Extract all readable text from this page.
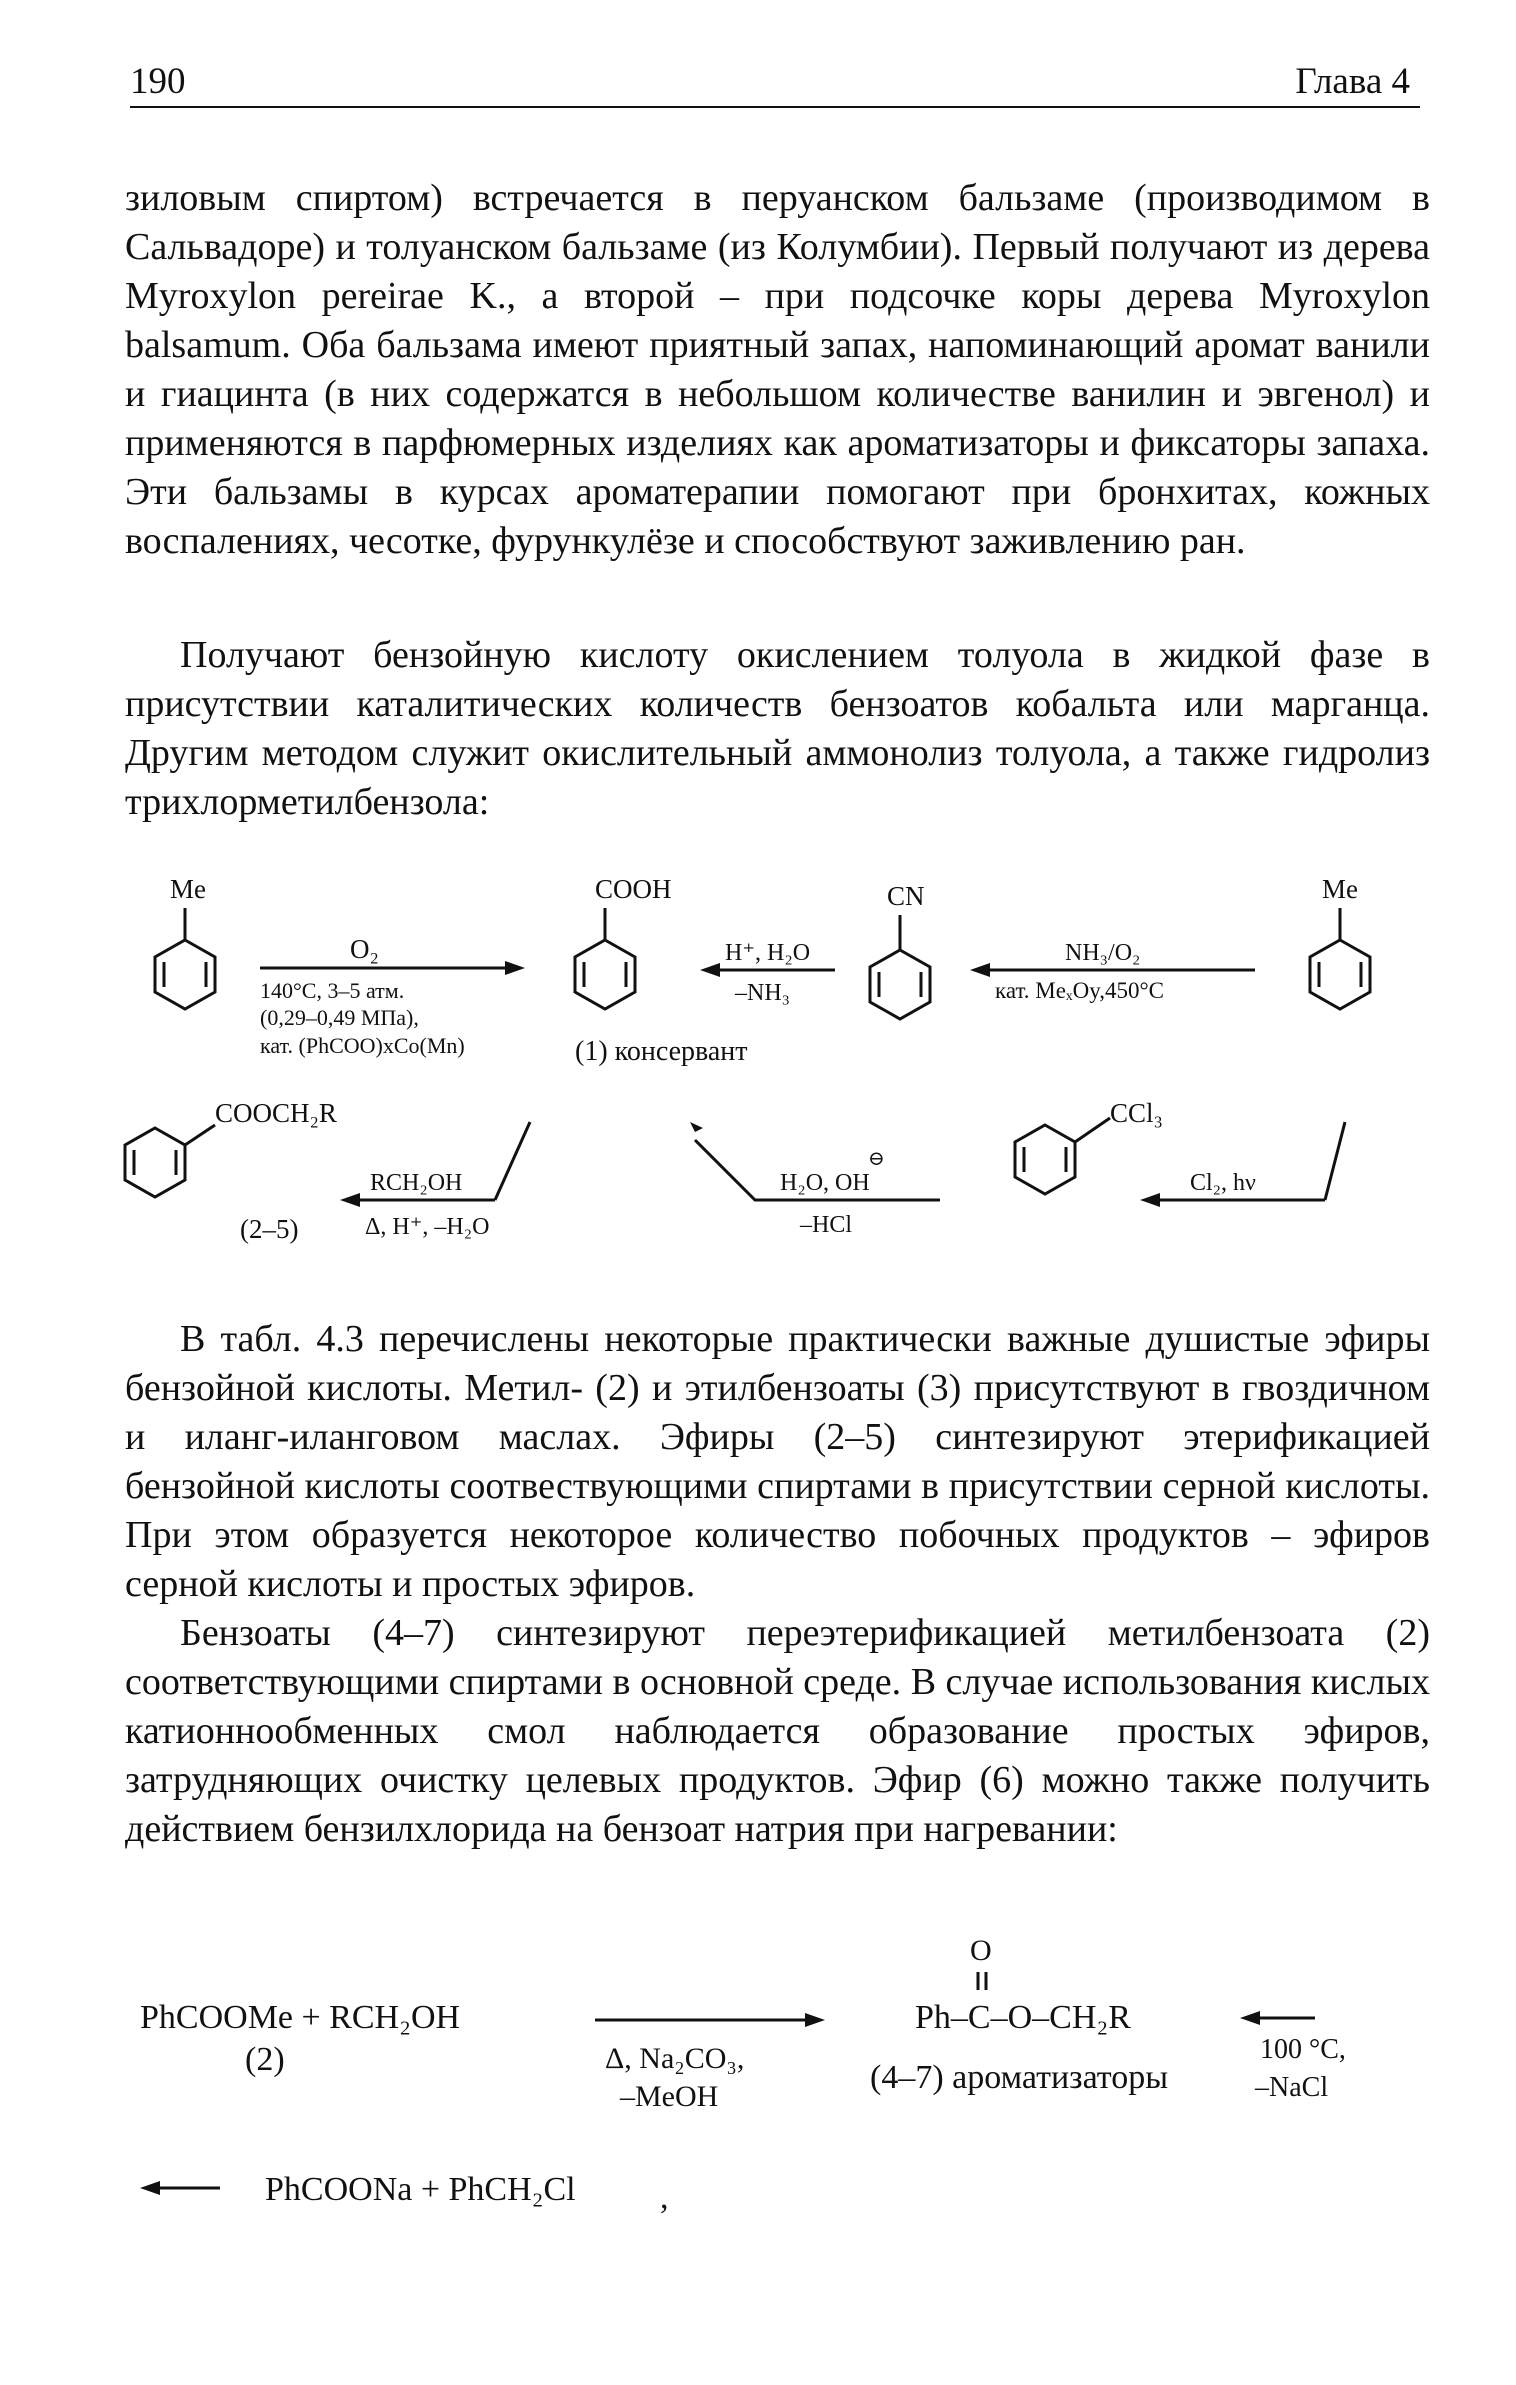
190	Глава 4

зиловым спиртом) встречается в перуанском бальзаме (производимом в Сальвадоре) и толуанском бальзаме (из Колумбии). Первый получают из дерева Myroxylon pereirae K., а второй – при подсочке коры дерева Myroxylon balsamum. Оба бальзама имеют приятный запах, напоминающий аромат ванили и гиацинта (в них содержатся в небольшом количестве ванилин и эвгенол) и применяются в парфюмерных изделиях как ароматизаторы и фиксаторы запаха. Эти бальзамы в курсах ароматерапии помогают при бронхитах, кожных воспалениях, чесотке, фурункулёзе и способствуют заживлению ран.

Получают бензойную кислоту окислением толуола в жидкой фазе в присутствии каталитических количеств бензоатов кобальта или марганца. Другим методом служит окислительный аммонолиз толуола, а также гидролиз трихлорметилбензола:

Me	COOH	CN	Me
O₂
140°C, 3–5 атм.
(0,29–0,49 МПа),
кат. (PhCOO)xCo(Mn)	(1) консервант
H⁺, H₂O
–NH₃
NH₃/O₂
кат. MeₓOy,450°C
COOCH₂R
(2–5)
RCH₂OH
Δ, H⁺, –H₂O
H₂O, OH
⊖
–HCl
CCl₃
Cl₂, hν

В табл. 4.3 перечислены некоторые практически важные душистые эфиры бензойной кислоты. Метил- (2) и этилбензоаты (3) присутствуют в гвоздичном и иланг-иланговом маслах. Эфиры (2–5) синтезируют этерификацией бензойной кислоты соотвествующими спиртами в присутствии серной кислоты. При этом образуется некоторое количество побочных продуктов – эфиров серной кислоты и простых эфиров.

Бензоаты (4–7) синтезируют переэтерификацией метилбензоата (2) соответствующими спиртами в основной среде. В случае использования кислых катионнообменных смол наблюдается образование простых эфиров, затрудняющих очистку целевых продуктов. Эфир (6) можно также получить действием бензилхлорида на бензоат натрия при нагревании:

PhCOOMe + RCH₂OH
(2)	Δ, Na₂CO₃,
–MeOH
O
Ph–C–O–CH₂R
(4–7) ароматизаторы
100 °C,
–NaCl
PhCOONa + PhCH₂Cl ,
